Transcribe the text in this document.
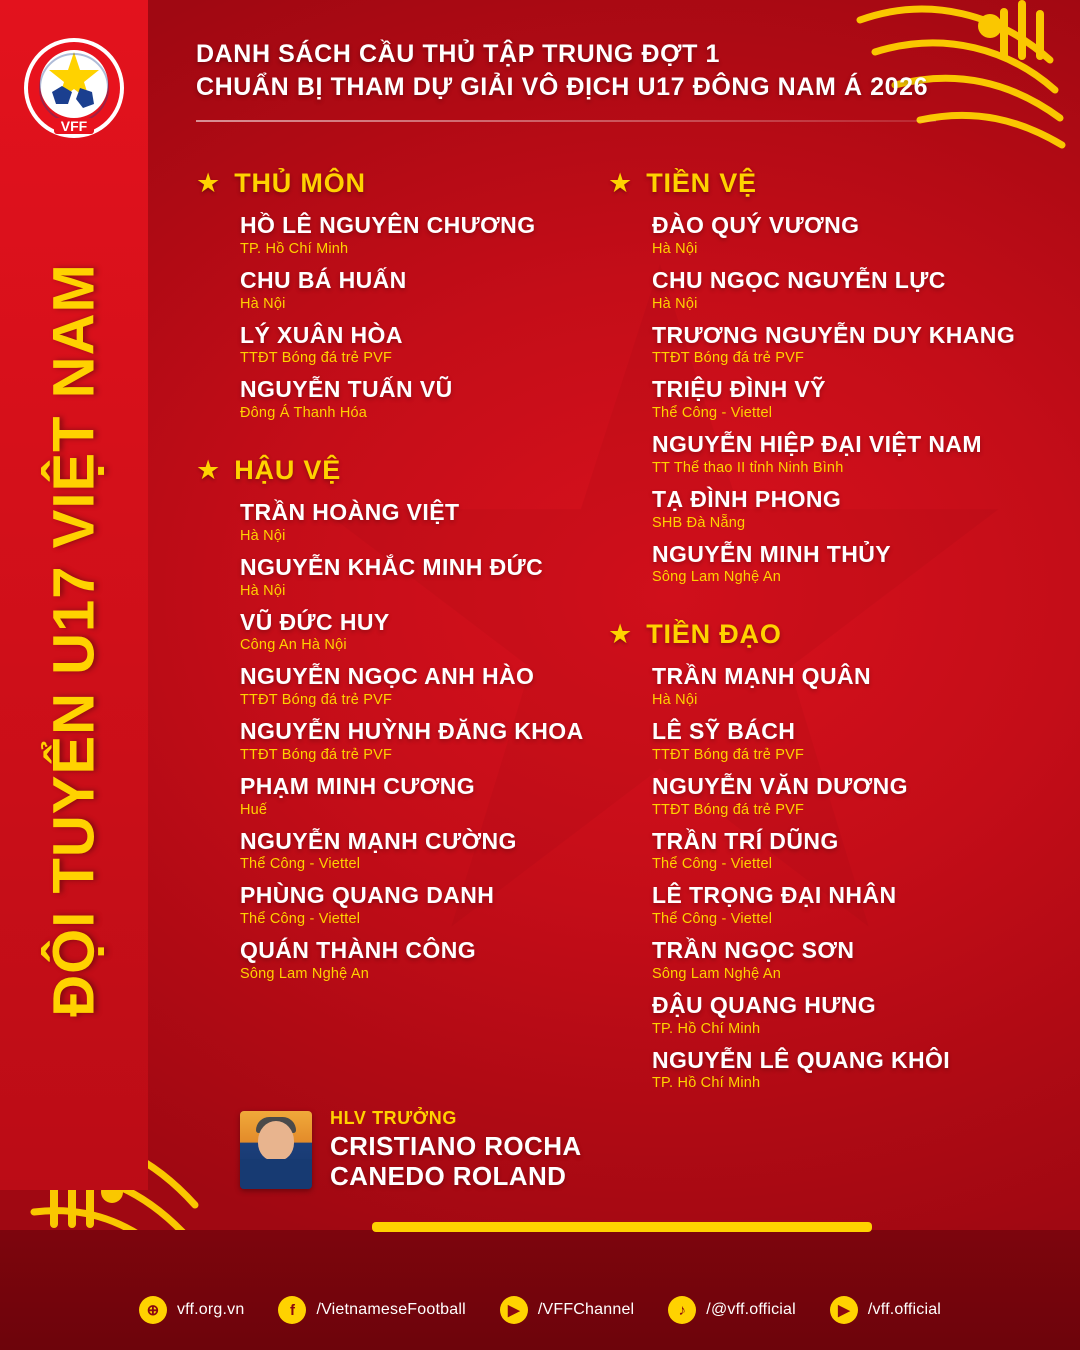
VFF
ĐỘI TUYỂN U17 VIỆT NAM
DANH SÁCH CẦU THỦ TẬP TRUNG ĐỢT 1
CHUẨN BỊ THAM DỰ GIẢI VÔ ĐỊCH U17 ĐÔNG NAM Á 2026
★ THỦ MÔN
HỒ LÊ NGUYÊN CHƯƠNG
TP. Hồ Chí Minh
CHU BÁ HUẤN
Hà Nội
LÝ XUÂN HÒA
TTĐT Bóng đá trẻ PVF
NGUYỄN TUẤN VŨ
Đông Á Thanh Hóa
★ HẬU VỆ
TRẦN HOÀNG VIỆT
Hà Nội
NGUYỄN KHẮC MINH ĐỨC
Hà Nội
VŨ ĐỨC HUY
Công An Hà Nội
NGUYỄN NGỌC ANH HÀO
TTĐT Bóng đá trẻ PVF
NGUYỄN HUỲNH ĐĂNG KHOA
TTĐT Bóng đá trẻ PVF
PHẠM MINH CƯƠNG
Huế
NGUYỄN MẠNH CƯỜNG
Thể Công - Viettel
PHÙNG QUANG DANH
Thể Công - Viettel
QUÁN THÀNH CÔNG
Sông Lam Nghệ An
★ TIỀN VỆ
ĐÀO QUÝ VƯƠNG
Hà Nội
CHU NGỌC NGUYỄN LỰC
Hà Nội
TRƯƠNG NGUYỄN DUY KHANG
TTĐT Bóng đá trẻ PVF
TRIỆU ĐÌNH VỸ
Thể Công - Viettel
NGUYỄN HIỆP ĐẠI VIỆT NAM
TT Thể thao II tỉnh Ninh Bình
TẠ ĐÌNH PHONG
SHB Đà Nẵng
NGUYỄN MINH THỦY
Sông Lam Nghệ An
★ TIỀN ĐẠO
TRẦN MẠNH QUÂN
Hà Nội
LÊ SỸ BÁCH
TTĐT Bóng đá trẻ PVF
NGUYỄN VĂN DƯƠNG
TTĐT Bóng đá trẻ PVF
TRẦN TRÍ DŨNG
Thể Công - Viettel
LÊ TRỌNG ĐẠI NHÂN
Thể Công - Viettel
TRẦN NGỌC SƠN
Sông Lam Nghệ An
ĐẬU QUANG HƯNG
TP. Hồ Chí Minh
NGUYỄN LÊ QUANG KHÔI
TP. Hồ Chí Minh
HLV TRƯỞNG
CRISTIANO ROCHA
CANEDO ROLAND
⊕	vff.org.vn	f	/VietnameseFootball	▶	/VFFChannel	♪	/@vff.official	▶	/vff.official
